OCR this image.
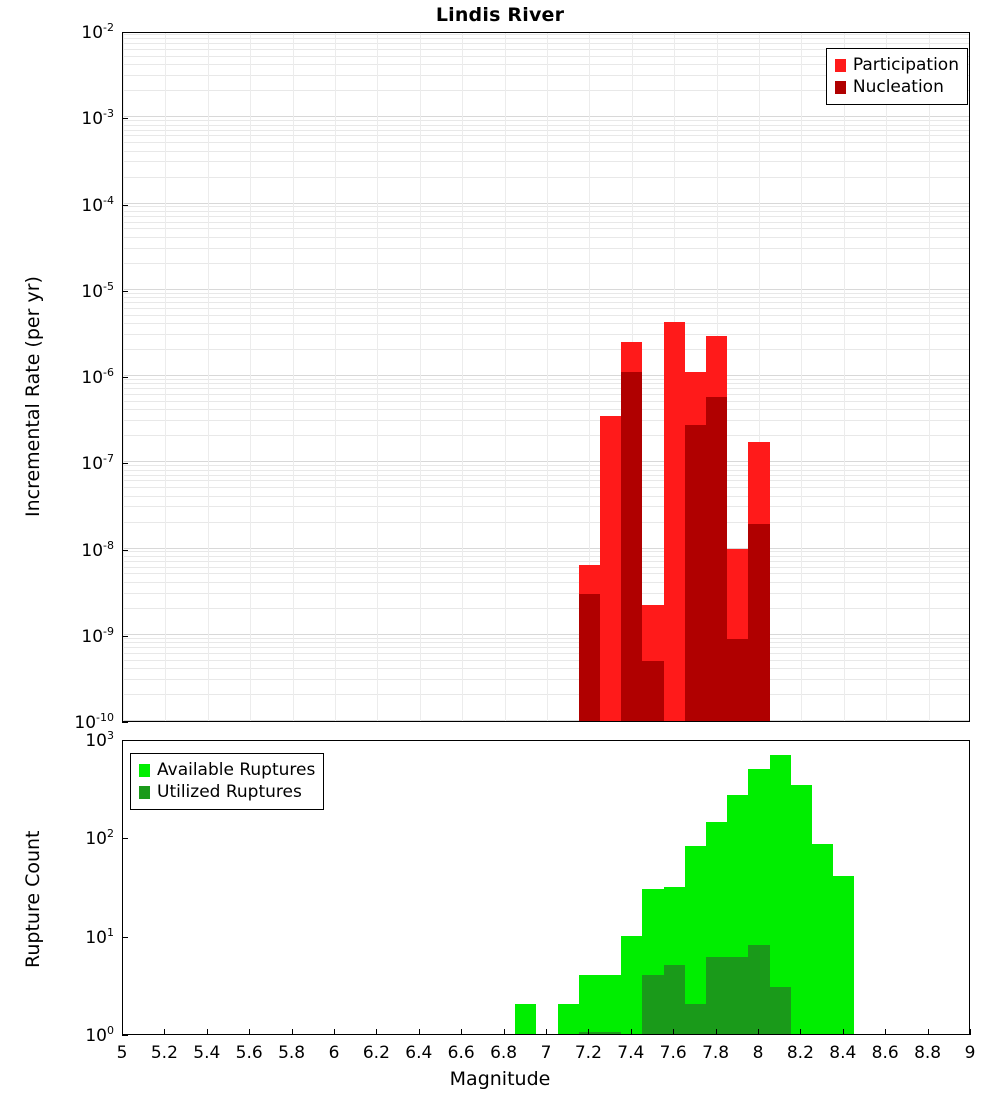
Lindis River
$10^{-10}$
$10^{-9}$
$10^{-8}$
$10^{-7}$
$10^{-6}$
$10^{-5}$
$10^{-4}$
$10^{-3}$
$10^{-2}$
$10^0$
$10^1$
$10^2$
$10^3$
5 5.2 5.4 5.6 5.8 6 6.2 6.4 6.6 6.8 7 7.2 7.4 7.6 7.8 8 8.2 8.4 8.6 8.8 9
Incremental Rate (per yr)
Rupture Count
Magnitude
Participation
Nucleation
Available Ruptures
Utilized Ruptures
